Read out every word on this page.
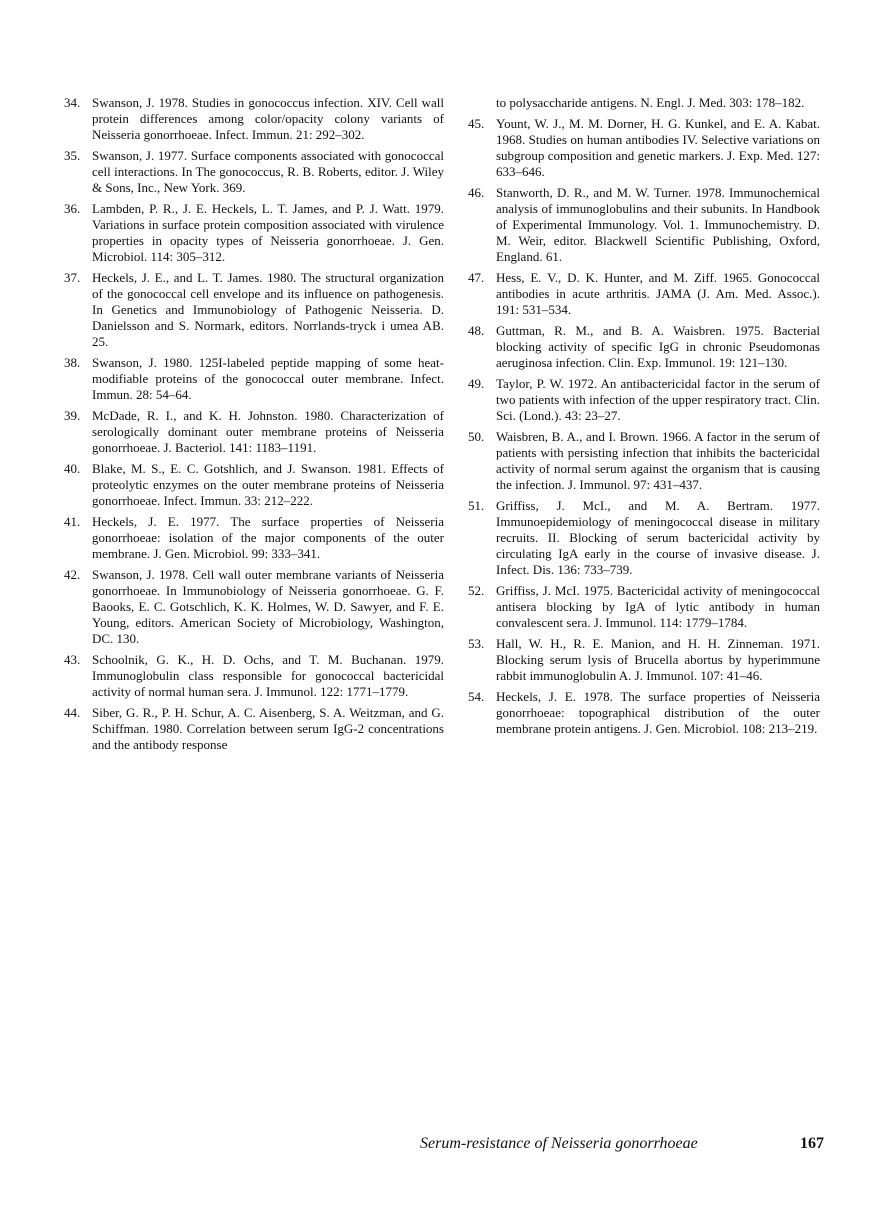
34. Swanson, J. 1978. Studies in gonococcus infection. XIV. Cell wall protein differences among color/opacity colony variants of Neisseria gonorrhoeae. Infect. Immun. 21: 292–302.
35. Swanson, J. 1977. Surface components associated with gonococcal cell interactions. In The gonococcus, R. B. Roberts, editor. J. Wiley & Sons, Inc., New York. 369.
36. Lambden, P. R., J. E. Heckels, L. T. James, and P. J. Watt. 1979. Variations in surface protein composition associated with virulence properties in opacity types of Neisseria gonorrhoeae. J. Gen. Microbiol. 114: 305–312.
37. Heckels, J. E., and L. T. James. 1980. The structural organization of the gonococcal cell envelope and its influence on pathogenesis. In Genetics and Immunobiology of Pathogenic Neisseria. D. Danielsson and S. Normark, editors. Norrlands-tryck i umea AB. 25.
38. Swanson, J. 1980. 125I-labeled peptide mapping of some heat-modifiable proteins of the gonococcal outer membrane. Infect. Immun. 28: 54–64.
39. McDade, R. I., and K. H. Johnston. 1980. Characterization of serologically dominant outer membrane proteins of Neisseria gonorrhoeae. J. Bacteriol. 141: 1183–1191.
40. Blake, M. S., E. C. Gotshlich, and J. Swanson. 1981. Effects of proteolytic enzymes on the outer membrane proteins of Neisseria gonorrhoeae. Infect. Immun. 33: 212–222.
41. Heckels, J. E. 1977. The surface properties of Neisseria gonorrhoeae: isolation of the major components of the outer membrane. J. Gen. Microbiol. 99: 333–341.
42. Swanson, J. 1978. Cell wall outer membrane variants of Neisseria gonorrhoeae. In Immunobiology of Neisseria gonorrhoeae. G. F. Baooks, E. C. Gotschlich, K. K. Holmes, W. D. Sawyer, and F. E. Young, editors. American Society of Microbiology, Washington, DC. 130.
43. Schoolnik, G. K., H. D. Ochs, and T. M. Buchanan. 1979. Immunoglobulin class responsible for gonococcal bactericidal activity of normal human sera. J. Immunol. 122: 1771–1779.
44. Siber, G. R., P. H. Schur, A. C. Aisenberg, S. A. Weitzman, and G. Schiffman. 1980. Correlation between serum IgG-2 concentrations and the antibody response
to polysaccharide antigens. N. Engl. J. Med. 303: 178–182.
45. Yount, W. J., M. M. Dorner, H. G. Kunkel, and E. A. Kabat. 1968. Studies on human antibodies IV. Selective variations on subgroup composition and genetic markers. J. Exp. Med. 127: 633–646.
46. Stanworth, D. R., and M. W. Turner. 1978. Immunochemical analysis of immunoglobulins and their subunits. In Handbook of Experimental Immunology. Vol. 1. Immunochemistry. D. M. Weir, editor. Blackwell Scientific Publishing, Oxford, England. 61.
47. Hess, E. V., D. K. Hunter, and M. Ziff. 1965. Gonococcal antibodies in acute arthritis. JAMA (J. Am. Med. Assoc.). 191: 531–534.
48. Guttman, R. M., and B. A. Waisbren. 1975. Bacterial blocking activity of specific IgG in chronic Pseudomonas aeruginosa infection. Clin. Exp. Immunol. 19: 121–130.
49. Taylor, P. W. 1972. An antibactericidal factor in the serum of two patients with infection of the upper respiratory tract. Clin. Sci. (Lond.). 43: 23–27.
50. Waisbren, B. A., and I. Brown. 1966. A factor in the serum of patients with persisting infection that inhibits the bactericidal activity of normal serum against the organism that is causing the infection. J. Immunol. 97: 431–437.
51. Griffiss, J. McI., and M. A. Bertram. 1977. Immunoepidemiology of meningococcal disease in military recruits. II. Blocking of serum bactericidal activity by circulating IgA early in the course of invasive disease. J. Infect. Dis. 136: 733–739.
52. Griffiss, J. McI. 1975. Bactericidal activity of meningococcal antisera blocking by IgA of lytic antibody in human convalescent sera. J. Immunol. 114: 1779–1784.
53. Hall, W. H., R. E. Manion, and H. H. Zinneman. 1971. Blocking serum lysis of Brucella abortus by hyperimmune rabbit immunoglobulin A. J. Immunol. 107: 41–46.
54. Heckels, J. E. 1978. The surface properties of Neisseria gonorrhoeae: topographical distribution of the outer membrane protein antigens. J. Gen. Microbiol. 108: 213–219.
Serum-resistance of Neisseria gonorrhoeae	167
